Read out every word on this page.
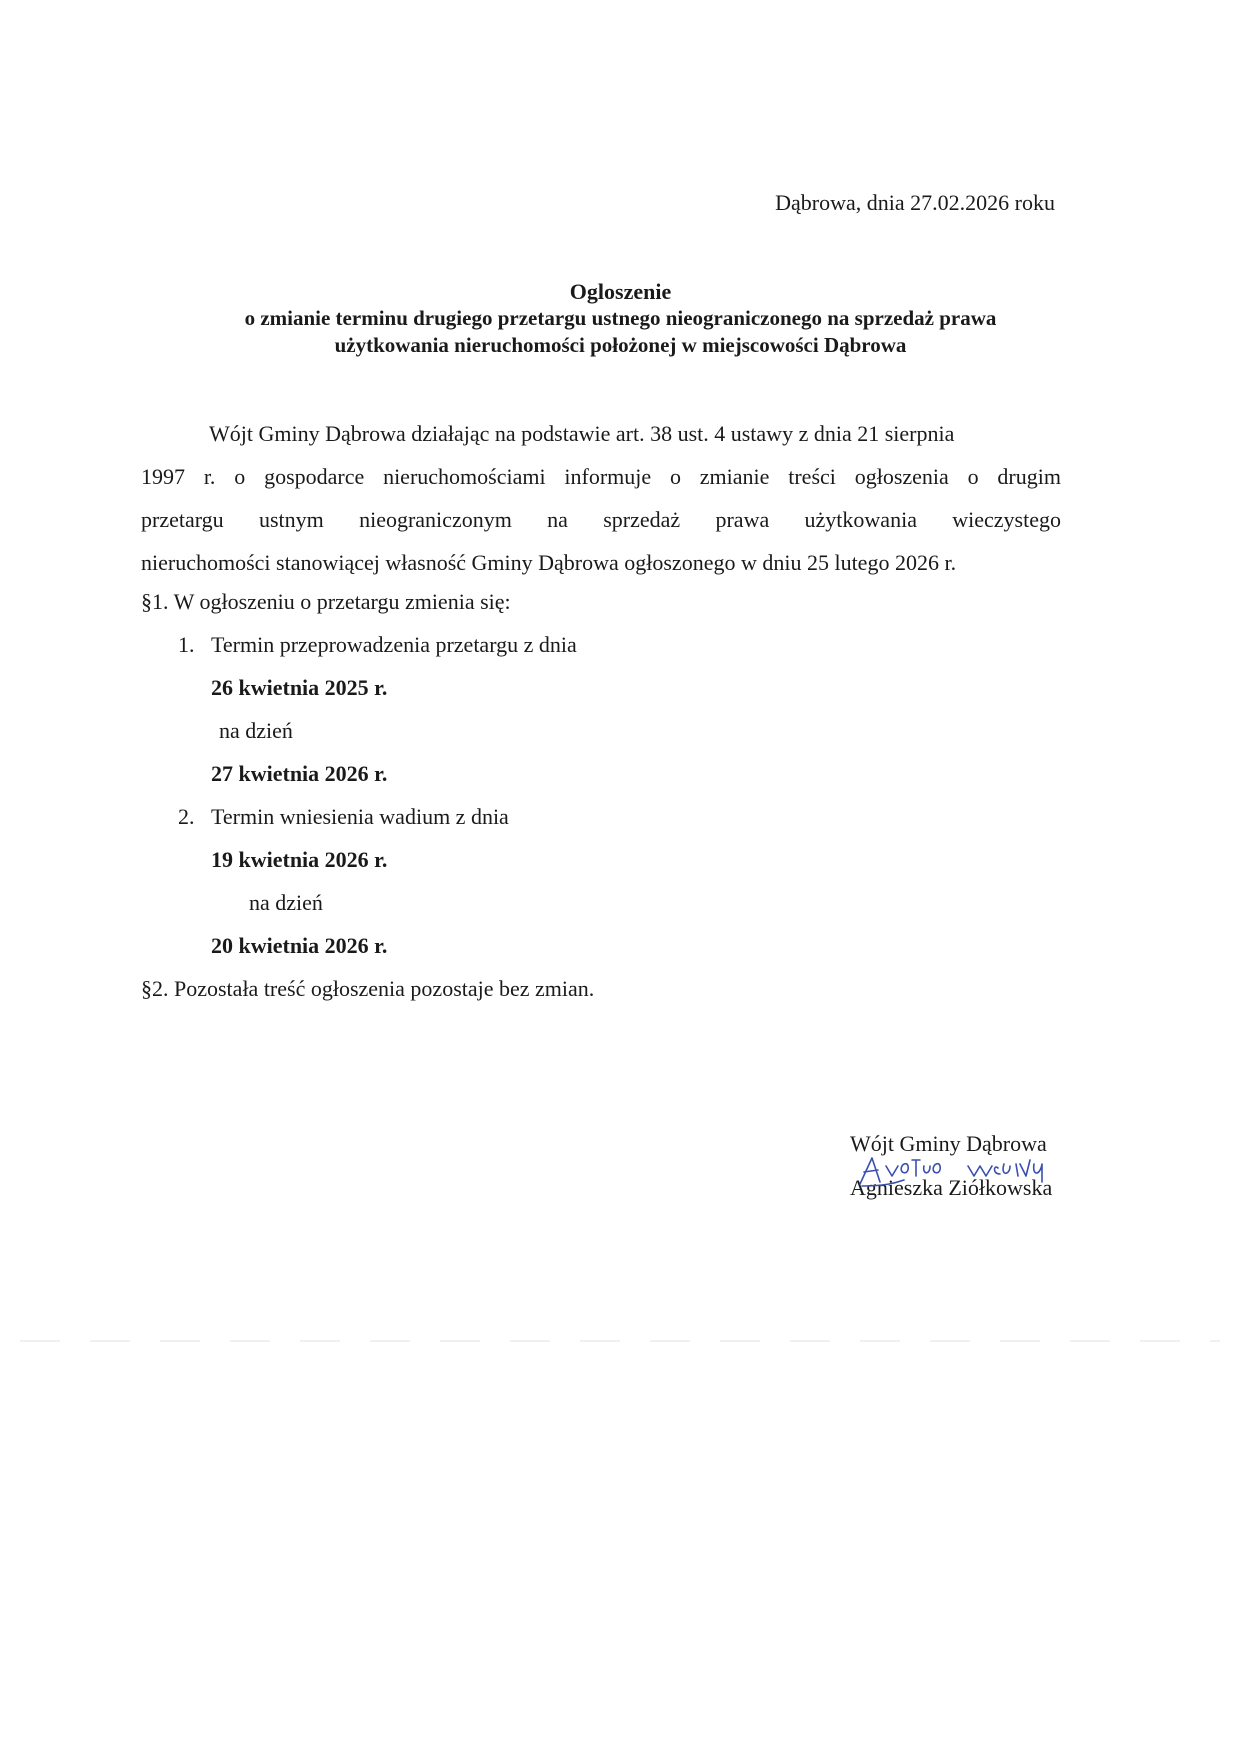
Dąbrowa, dnia 27.02.2026 roku
Ogloszenie
o zmianie terminu drugiego przetargu ustnego nieograniczonego na sprzedaż prawa
użytkowania nieruchomości położonej w miejscowości Dąbrowa
Wójt Gminy Dąbrowa działając na podstawie art. 38 ust. 4 ustawy z dnia 21 sierpnia
1997 r. o gospodarce nieruchomościami informuje o zmianie treści ogłoszenia o drugim
przetargu ustnym nieograniczonym na sprzedaż prawa użytkowania wieczystego
nieruchomości stanowiącej własność Gminy Dąbrowa ogłoszonego w dniu 25 lutego 2026 r.
§1. W ogłoszeniu o przetargu zmienia się:
1. Termin przeprowadzenia przetargu z dnia
26 kwietnia 2025 r.
na dzień
27 kwietnia 2026 r.
2. Termin wniesienia wadium z dnia
19 kwietnia 2026 r.
na dzień
20 kwietnia 2026 r.
§2. Pozostała treść ogłoszenia pozostaje bez zmian.
Wójt Gminy Dąbrowa
Agnieszka Ziółkowska
